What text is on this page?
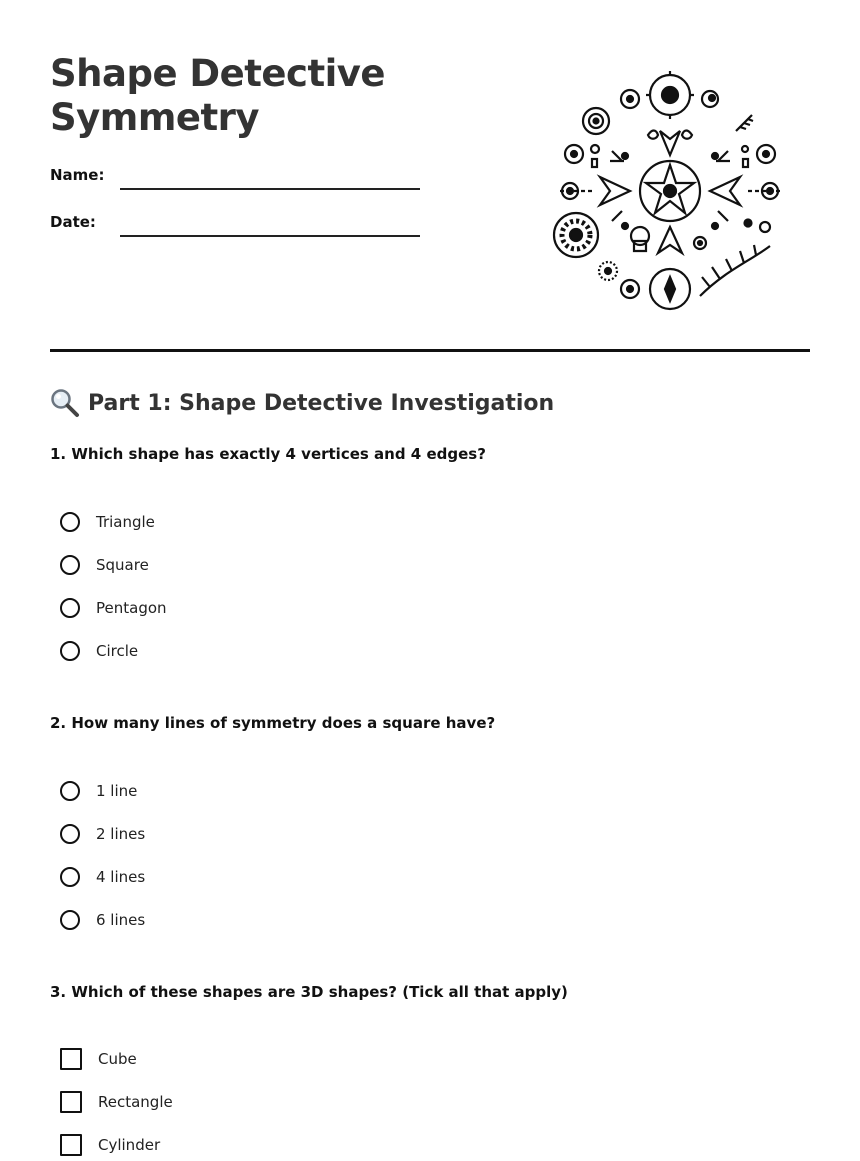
Shape Detective
Symmetry
Name:
Date:
Part 1: Shape Detective Investigation
1. Which shape has exactly 4 vertices and 4 edges?
Triangle
Square
Pentagon
Circle
2. How many lines of symmetry does a square have?
1 line
2 lines
4 lines
6 lines
3. Which of these shapes are 3D shapes? (Tick all that apply)
Cube
Rectangle
Cylinder
